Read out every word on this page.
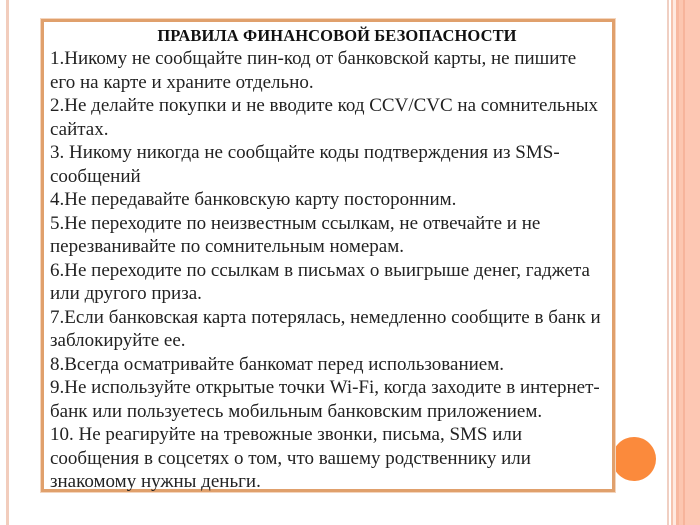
ПРАВИЛА ФИНАНСОВОЙ БЕЗОПАСНОСТИ
1.Никому не сообщайте пин-код от банковской карты, не пишите его на карте и храните отдельно.
2.Не делайте покупки и не вводите код CCV/CVC на сомнительных сайтах.
3. Никому никогда не сообщайте коды подтверждения из SMS-сообщений
4.Не передавайте банковскую карту посторонним.
5.Не переходите по неизвестным ссылкам, не отвечайте и не перезванивайте по сомнительным номерам.
6.Не переходите по ссылкам в письмах о выигрыше денег, гаджета или другого приза.
7.Если банковская карта потерялась, немедленно сообщите в банк и заблокируйте ее.
8.Всегда осматривайте банкомат перед использованием.
9.Не используйте открытые точки Wi-Fi, когда заходите в интернет-банк или пользуетесь мобильным банковским приложением.
10. Не реагируйте на тревожные звонки, письма, SMS или сообщения в соцсетях о том, что вашему родственнику или знакомому нужны деньги.
